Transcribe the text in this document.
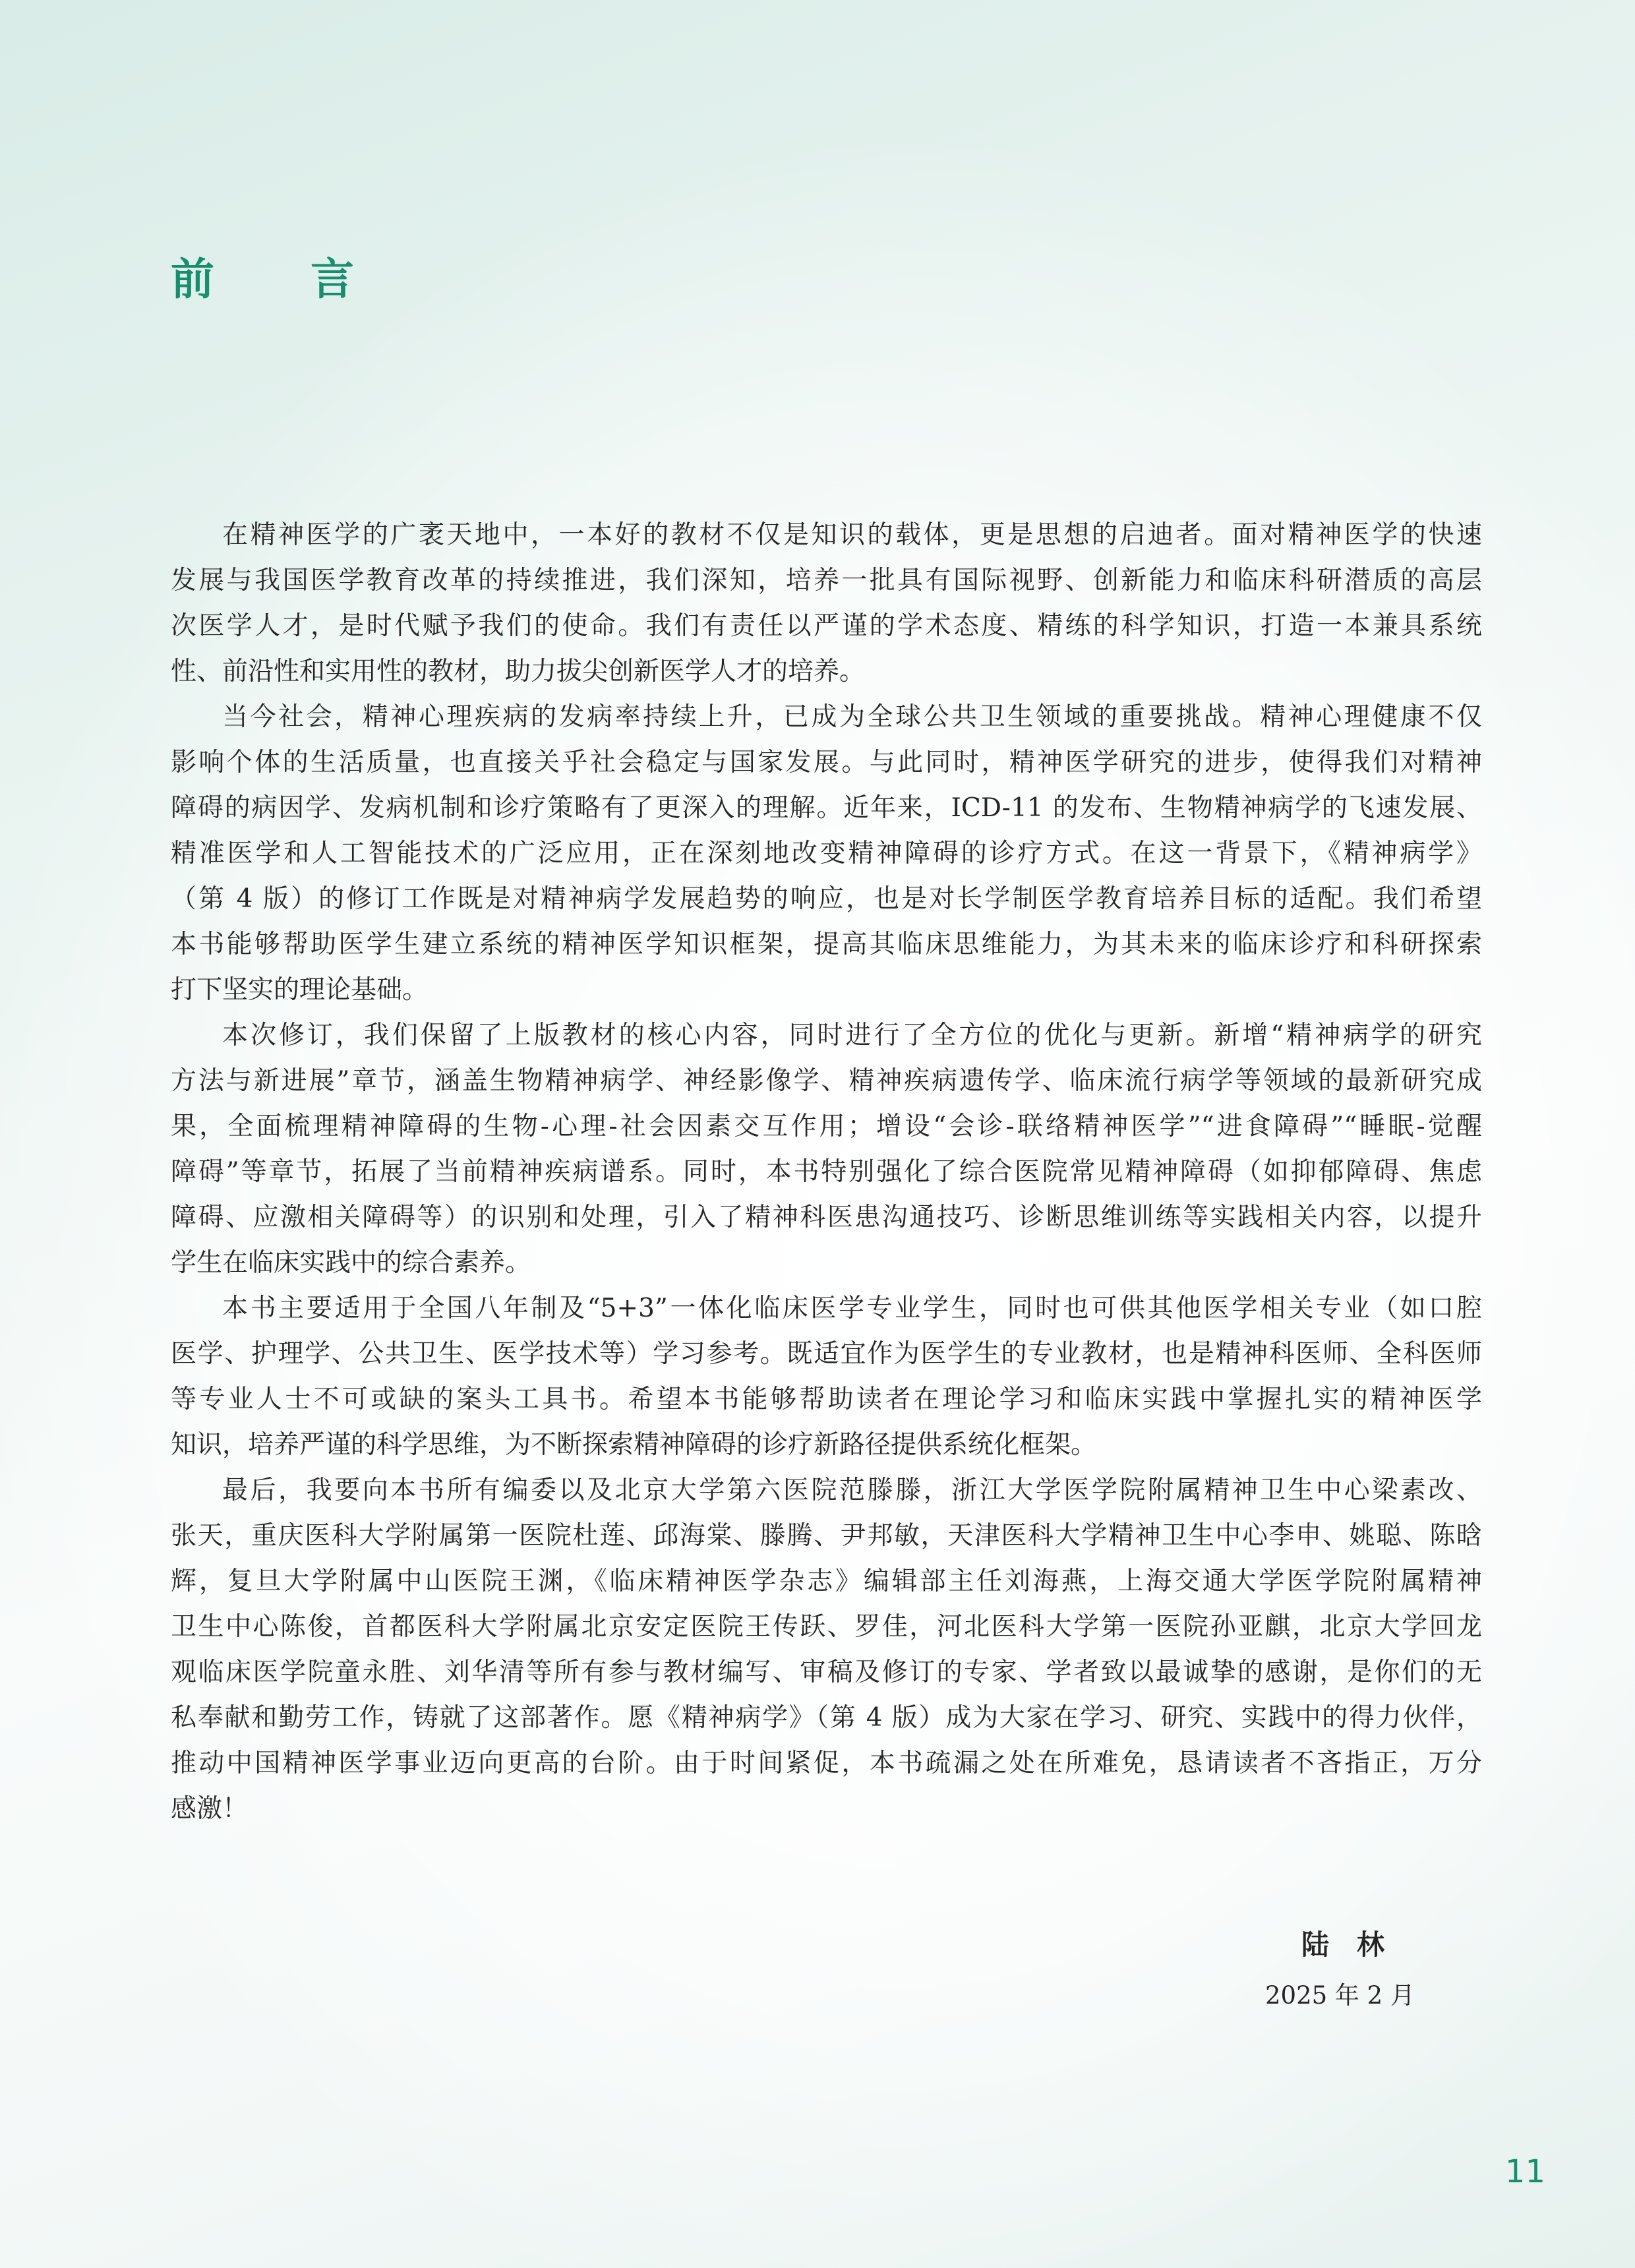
前　言
在精神医学的广袤天地中，一本好的教材不仅是知识的载体，更是思想的启迪者。面对精神医学的快速
发展与我国医学教育改革的持续推进，我们深知，培养一批具有国际视野、创新能力和临床科研潜质的高层
次医学人才，是时代赋予我们的使命。我们有责任以严谨的学术态度、精练的科学知识，打造一本兼具系统
性、前沿性和实用性的教材，助力拔尖创新医学人才的培养。
当今社会，精神心理疾病的发病率持续上升，已成为全球公共卫生领域的重要挑战。精神心理健康不仅
影响个体的生活质量，也直接关乎社会稳定与国家发展。与此同时，精神医学研究的进步，使得我们对精神
障碍的病因学、发病机制和诊疗策略有了更深入的理解。近年来，ICD-11 的发布、生物精神病学的飞速发展、
精准医学和人工智能技术的广泛应用，正在深刻地改变精神障碍的诊疗方式。在这一背景下，《精神病学》
（第 4 版）的修订工作既是对精神病学发展趋势的响应，也是对长学制医学教育培养目标的适配。我们希望
本书能够帮助医学生建立系统的精神医学知识框架，提高其临床思维能力，为其未来的临床诊疗和科研探索
打下坚实的理论基础。
本次修订，我们保留了上版教材的核心内容，同时进行了全方位的优化与更新。新增“精神病学的研究
方法与新进展”章节，涵盖生物精神病学、神经影像学、精神疾病遗传学、临床流行病学等领域的最新研究成
果，全面梳理精神障碍的生物-心理-社会因素交互作用；增设“会诊-联络精神医学”“进食障碍”“睡眠-觉醒
障碍”等章节，拓展了当前精神疾病谱系。同时，本书特别强化了综合医院常见精神障碍（如抑郁障碍、焦虑
障碍、应激相关障碍等）的识别和处理，引入了精神科医患沟通技巧、诊断思维训练等实践相关内容，以提升
学生在临床实践中的综合素养。
本书主要适用于全国八年制及“5+3”一体化临床医学专业学生，同时也可供其他医学相关专业（如口腔
医学、护理学、公共卫生、医学技术等）学习参考。既适宜作为医学生的专业教材，也是精神科医师、全科医师
等专业人士不可或缺的案头工具书。希望本书能够帮助读者在理论学习和临床实践中掌握扎实的精神医学
知识，培养严谨的科学思维，为不断探索精神障碍的诊疗新路径提供系统化框架。
最后，我要向本书所有编委以及北京大学第六医院范滕滕，浙江大学医学院附属精神卫生中心梁素改、
张天，重庆医科大学附属第一医院杜莲、邱海棠、滕腾、尹邦敏，天津医科大学精神卫生中心李申、姚聪、陈晗
辉，复旦大学附属中山医院王渊，《临床精神医学杂志》编辑部主任刘海燕，上海交通大学医学院附属精神
卫生中心陈俊，首都医科大学附属北京安定医院王传跃、罗佳，河北医科大学第一医院孙亚麒，北京大学回龙
观临床医学院童永胜、刘华清等所有参与教材编写、审稿及修订的专家、学者致以最诚挚的感谢，是你们的无
私奉献和勤劳工作，铸就了这部著作。愿《精神病学》（第 4 版）成为大家在学习、研究、实践中的得力伙伴，
推动中国精神医学事业迈向更高的台阶。由于时间紧促，本书疏漏之处在所难免，恳请读者不吝指正，万分
感激！
陆　林
2025 年 2 月
11
